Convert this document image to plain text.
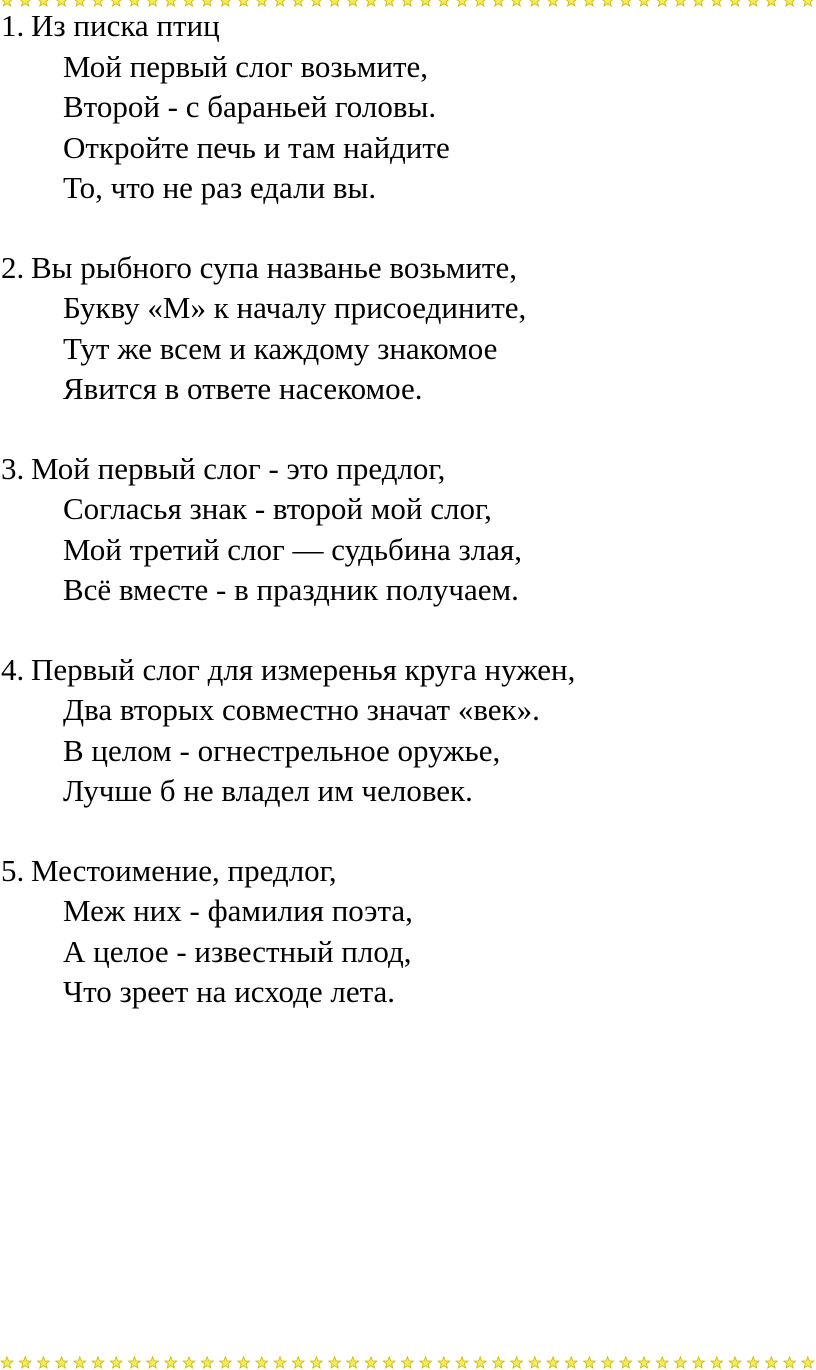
1. Из писка птиц
Мой первый слог возьмите,
Второй - с бараньей головы.
Откройте печь и там найдите
То, что не раз едали вы.
2. Вы рыбного супа названье возьмите,
Букву «М» к началу присоедините,
Тут же всем и каждому знакомое
Явится в ответе насекомое.
3. Мой первый слог - это предлог,
Согласья знак - второй мой слог,
Мой третий слог — судьбина злая,
Всё вместе - в праздник получаем.
4. Первый слог для измеренья круга нужен,
Два вторых совместно значат «век».
В целом - огнестрельное оружье,
Лучше б не владел им человек.
5. Местоимение, предлог,
Меж них - фамилия поэта,
А целое - известный плод,
Что зреет на исходе лета.
